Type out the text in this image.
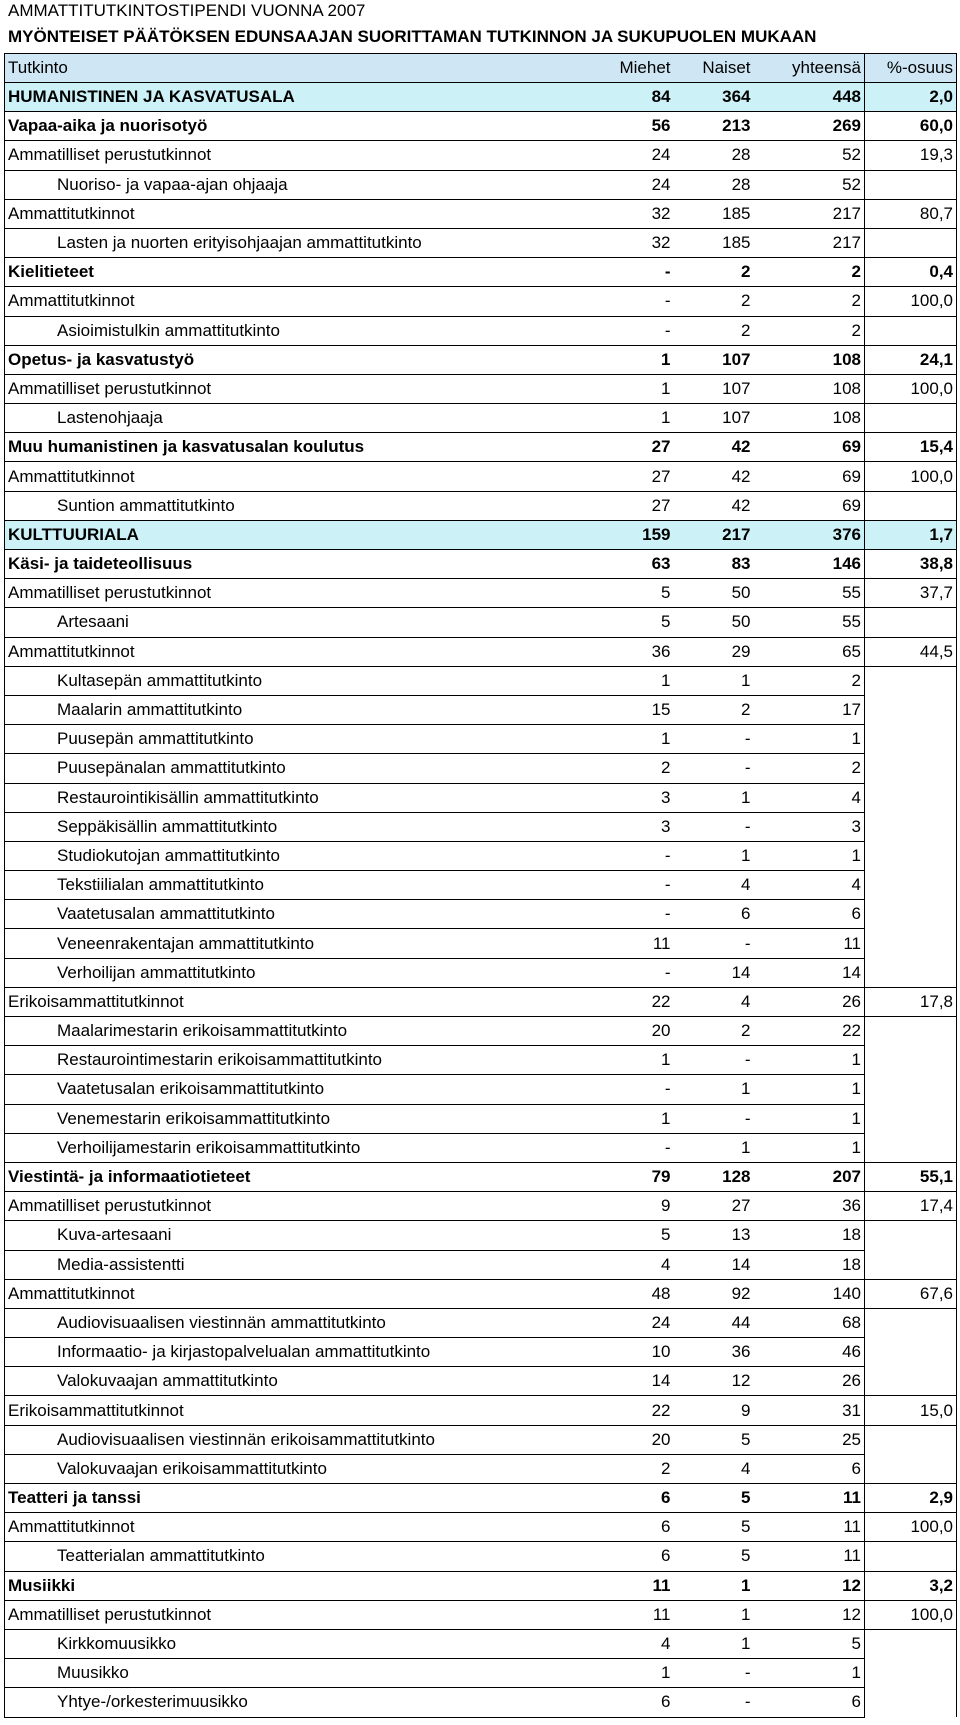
AMMATTITUTKINTOSTIPENDI VUONNA 2007
MYÖNTEISET PÄÄTÖKSEN EDUNSAAJAN SUORITTAMAN TUTKINNON JA SUKUPUOLEN MUKAAN
Tutkinto	Miehet	Naiset	yhteensä	%-osuus
HUMANISTINEN JA KASVATUSALA	84	364	448	2,0
Vapaa-aika ja nuorisotyö	56	213	269	60,0
Ammatilliset perustutkinnot	24	28	52	19,3
Nuoriso- ja vapaa-ajan ohjaaja	24	28	52	
Ammattitutkinnot	32	185	217	80,7
Lasten ja nuorten erityisohjaajan ammattitutkinto	32	185	217	
Kielitieteet	-	2	2	0,4
Ammattitutkinnot	-	2	2	100,0
Asioimistulkin ammattitutkinto	-	2	2	
Opetus- ja kasvatustyö	1	107	108	24,1
Ammatilliset perustutkinnot	1	107	108	100,0
Lastenohjaaja	1	107	108	
Muu humanistinen ja kasvatusalan koulutus	27	42	69	15,4
Ammattitutkinnot	27	42	69	100,0
Suntion ammattitutkinto	27	42	69	
KULTTUURIALA	159	217	376	1,7
Käsi- ja taideteollisuus	63	83	146	38,8
Ammatilliset perustutkinnot	5	50	55	37,7
Artesaani	5	50	55	
Ammattitutkinnot	36	29	65	44,5
Kultasepän ammattitutkinto	1	1	2	
Maalarin ammattitutkinto	15	2	17	
Puusepän ammattitutkinto	1	-	1	
Puusepänalan ammattitutkinto	2	-	2	
Restaurointikisällin ammattitutkinto	3	1	4	
Seppäkisällin ammattitutkinto	3	-	3	
Studiokutojan ammattitutkinto	-	1	1	
Tekstiilialan ammattitutkinto	-	4	4	
Vaatetusalan ammattitutkinto	-	6	6	
Veneenrakentajan ammattitutkinto	11	-	11	
Verhoilijan ammattitutkinto	-	14	14	
Erikoisammattitutkinnot	22	4	26	17,8
Maalarimestarin erikoisammattitutkinto	20	2	22	
Restaurointimestarin erikoisammattitutkinto	1	-	1	
Vaatetusalan erikoisammattitutkinto	-	1	1	
Venemestarin erikoisammattitutkinto	1	-	1	
Verhoilijamestarin erikoisammattitutkinto	-	1	1	
Viestintä- ja informaatiotieteet	79	128	207	55,1
Ammatilliset perustutkinnot	9	27	36	17,4
Kuva-artesaani	5	13	18	
Media-assistentti	4	14	18	
Ammattitutkinnot	48	92	140	67,6
Audiovisuaalisen viestinnän ammattitutkinto	24	44	68	
Informaatio- ja kirjastopalvelualan ammattitutkinto	10	36	46	
Valokuvaajan ammattitutkinto	14	12	26	
Erikoisammattitutkinnot	22	9	31	15,0
Audiovisuaalisen viestinnän erikoisammattitutkinto	20	5	25	
Valokuvaajan erikoisammattitutkinto	2	4	6	
Teatteri ja tanssi	6	5	11	2,9
Ammattitutkinnot	6	5	11	100,0
Teatterialan ammattitutkinto	6	5	11	
Musiikki	11	1	12	3,2
Ammatilliset perustutkinnot	11	1	12	100,0
Kirkkomuusikko	4	1	5	
Muusikko	1	-	1	
Yhtye-/orkesterimuusikko	6	-	6	
